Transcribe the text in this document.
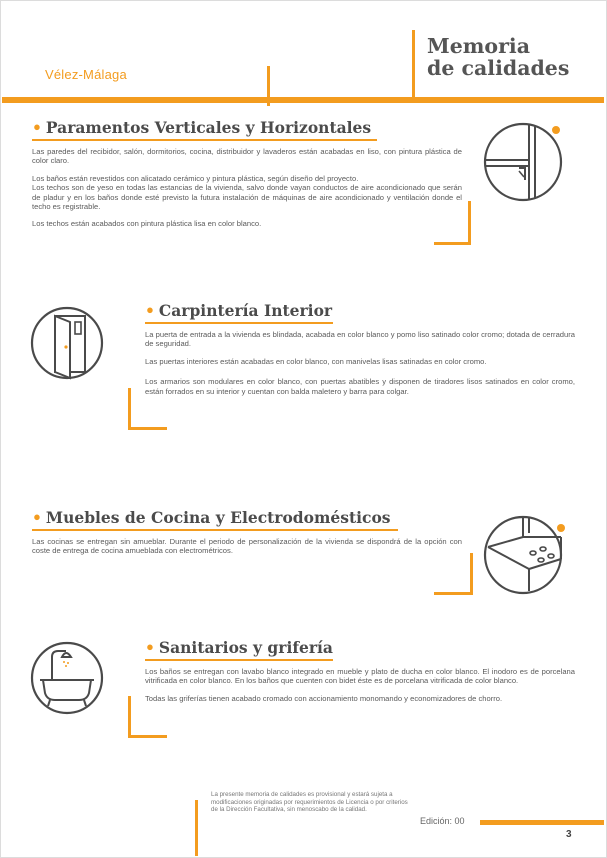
Vélez-Málaga
Memoria
de calidades
• Paramentos Verticales y Horizontales

Las paredes del recibidor, salón, dormitorios, cocina, distribuidor y lavaderos están acabadas en liso, con pintura plástica de color claro.

Los baños están revestidos con alicatado cerámico y pintura plástica, según diseño del proyecto.
Los techos son de yeso en todas las estancias de la vivienda, salvo donde vayan conductos de aire acondicionado que serán de pladur y en los baños donde esté previsto la futura instalación de máquinas de aire acondicionado y ventilación donde el techo es registrable.

Los techos están acabados con pintura plástica lisa en color blanco.

• Carpintería Interior

La puerta de entrada a la vivienda es blindada, acabada en color blanco y pomo liso satinado color cromo; dotada de cerradura de seguridad.

Las puertas interiores están acabadas en color blanco, con manivelas lisas satinadas en color cromo.

Los armarios son modulares en color blanco, con puertas abatibles y disponen de tiradores lisos satinados en color cromo, están forrados en su interior y cuentan con balda maletero y barra para colgar.

• Muebles de Cocina y Electrodomésticos

Las cocinas se entregan sin amueblar. Durante el periodo de personalización de la vivienda se dispondrá de la opción con coste de entrega de cocina amueblada con electrométricos.

• Sanitarios y grifería

Los baños se entregan con lavabo blanco integrado en mueble y plato de ducha en color blanco. El inodoro es de porcelana vitrificada en color blanco. En los baños que cuenten con bidet éste es de porcelana vitrificada de color blanco.

Todas las griferías tienen acabado cromado con accionamiento monomando y economizadores de chorro.

La presente memoria de calidades es provisional y estará sujeta a modificaciones originadas por requerimientos de Licencia o por criterios de la Dirección Facultativa, sin menoscabo de la calidad.
Edición: 00
3
